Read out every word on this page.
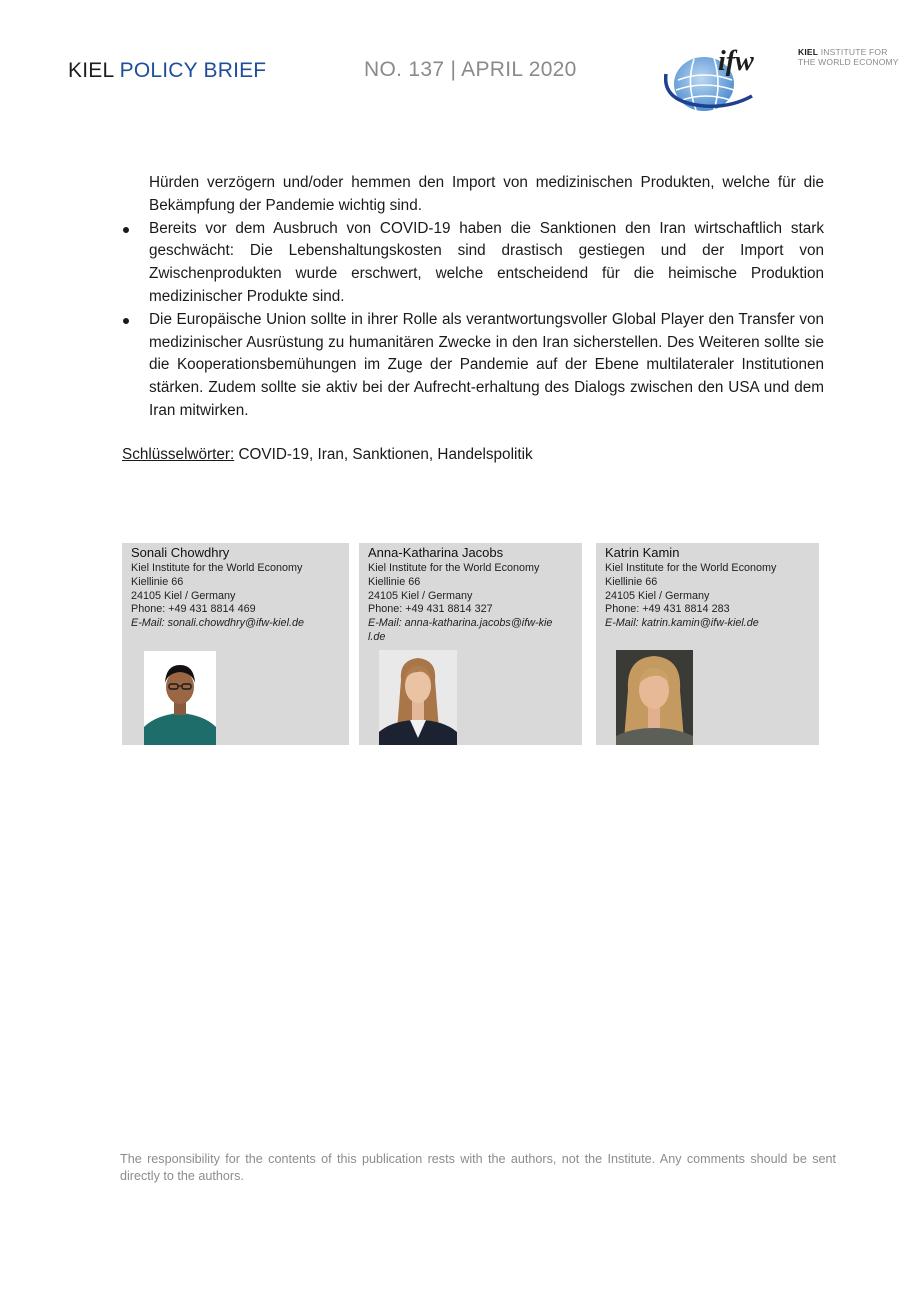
KIEL POLICY BRIEF	NO. 137 | APRIL 2020	ifw	KIEL INSTITUTE FOR
THE WORLD ECONOMY

Hürden verzögern und/oder hemmen den Import von medizinischen Produkten, welche für die Bekämpfung der Pandemie wichtig sind.

Bereits vor dem Ausbruch von COVID-19 haben die Sanktionen den Iran wirtschaftlich stark geschwächt: Die Lebenshaltungskosten sind drastisch gestiegen und der Import von Zwischenprodukten wurde erschwert, welche entscheidend für die heimische Produktion medizinischer Produkte sind.
Die Europäische Union sollte in ihrer Rolle als verantwortungsvoller Global Player den Transfer von medizinischer Ausrüstung zu humanitären Zwecke in den Iran sicherstellen. Des Weiteren sollte sie die Kooperationsbemühungen im Zuge der Pandemie auf der Ebene multilateraler Institutionen stärken. Zudem sollte sie aktiv bei der Aufrecht-erhaltung des Dialogs zwischen den USA und dem Iran mitwirken.
Schlüsselwörter: COVID-19, Iran, Sanktionen, Handelspolitik
Sonali Chowdhry
Kiel Institute for the World Economy
Kiellinie 66
24105 Kiel / Germany
Phone: +49 431 8814 469
E-Mail: sonali.chowdhry@ifw-kiel.de
Anna-Katharina Jacobs
Kiel Institute for the World Economy
Kiellinie 66
24105 Kiel / Germany
Phone: +49 431 8814 327
E-Mail: anna-katharina.jacobs@ifw-kiel.de
Katrin Kamin
Kiel Institute for the World Economy
Kiellinie 66
24105 Kiel / Germany
Phone: +49 431 8814 283
E-Mail: katrin.kamin@ifw-kiel.de
The responsibility for the contents of this publication rests with the authors, not the Institute. Any comments should be sent directly to the authors.
